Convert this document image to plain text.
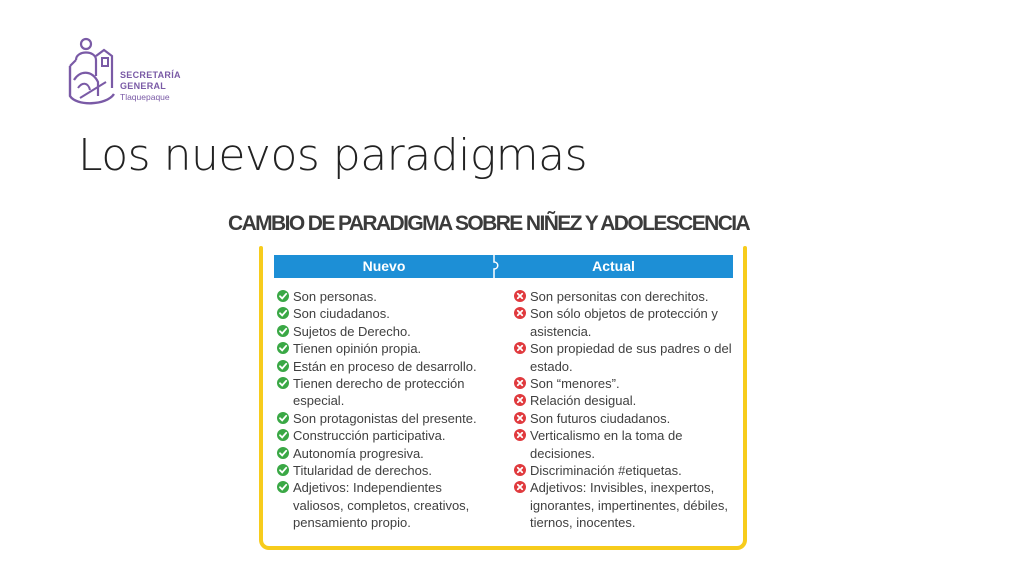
SECRETARÍA
GENERAL
Tlaquepaque
Los nuevos paradigmas
CAMBIO DE PARADIGMA SOBRE NIÑEZ Y ADOLESCENCIA
Nuevo	Actual
Son personas.
Son ciudadanos.
Sujetos de Derecho.
Tienen opinión propia.
Están en proceso de desarrollo.
Tienen derecho de protección especial.
Son protagonistas del presente.
Construcción participativa.
Autonomía progresiva.
Titularidad de derechos.
Adjetivos: Independientes valiosos, completos, creativos, pensamiento propio.
Son personitas con derechitos.
Son sólo objetos de protección y asistencia.
Son propiedad de sus padres o del estado.
Son “menores”.
Relación desigual.
Son futuros ciudadanos.
Verticalismo en la toma de decisiones.
Discriminación #etiquetas.
Adjetivos: Invisibles, inexpertos, ignorantes, impertinentes, débiles, tiernos, inocentes.
